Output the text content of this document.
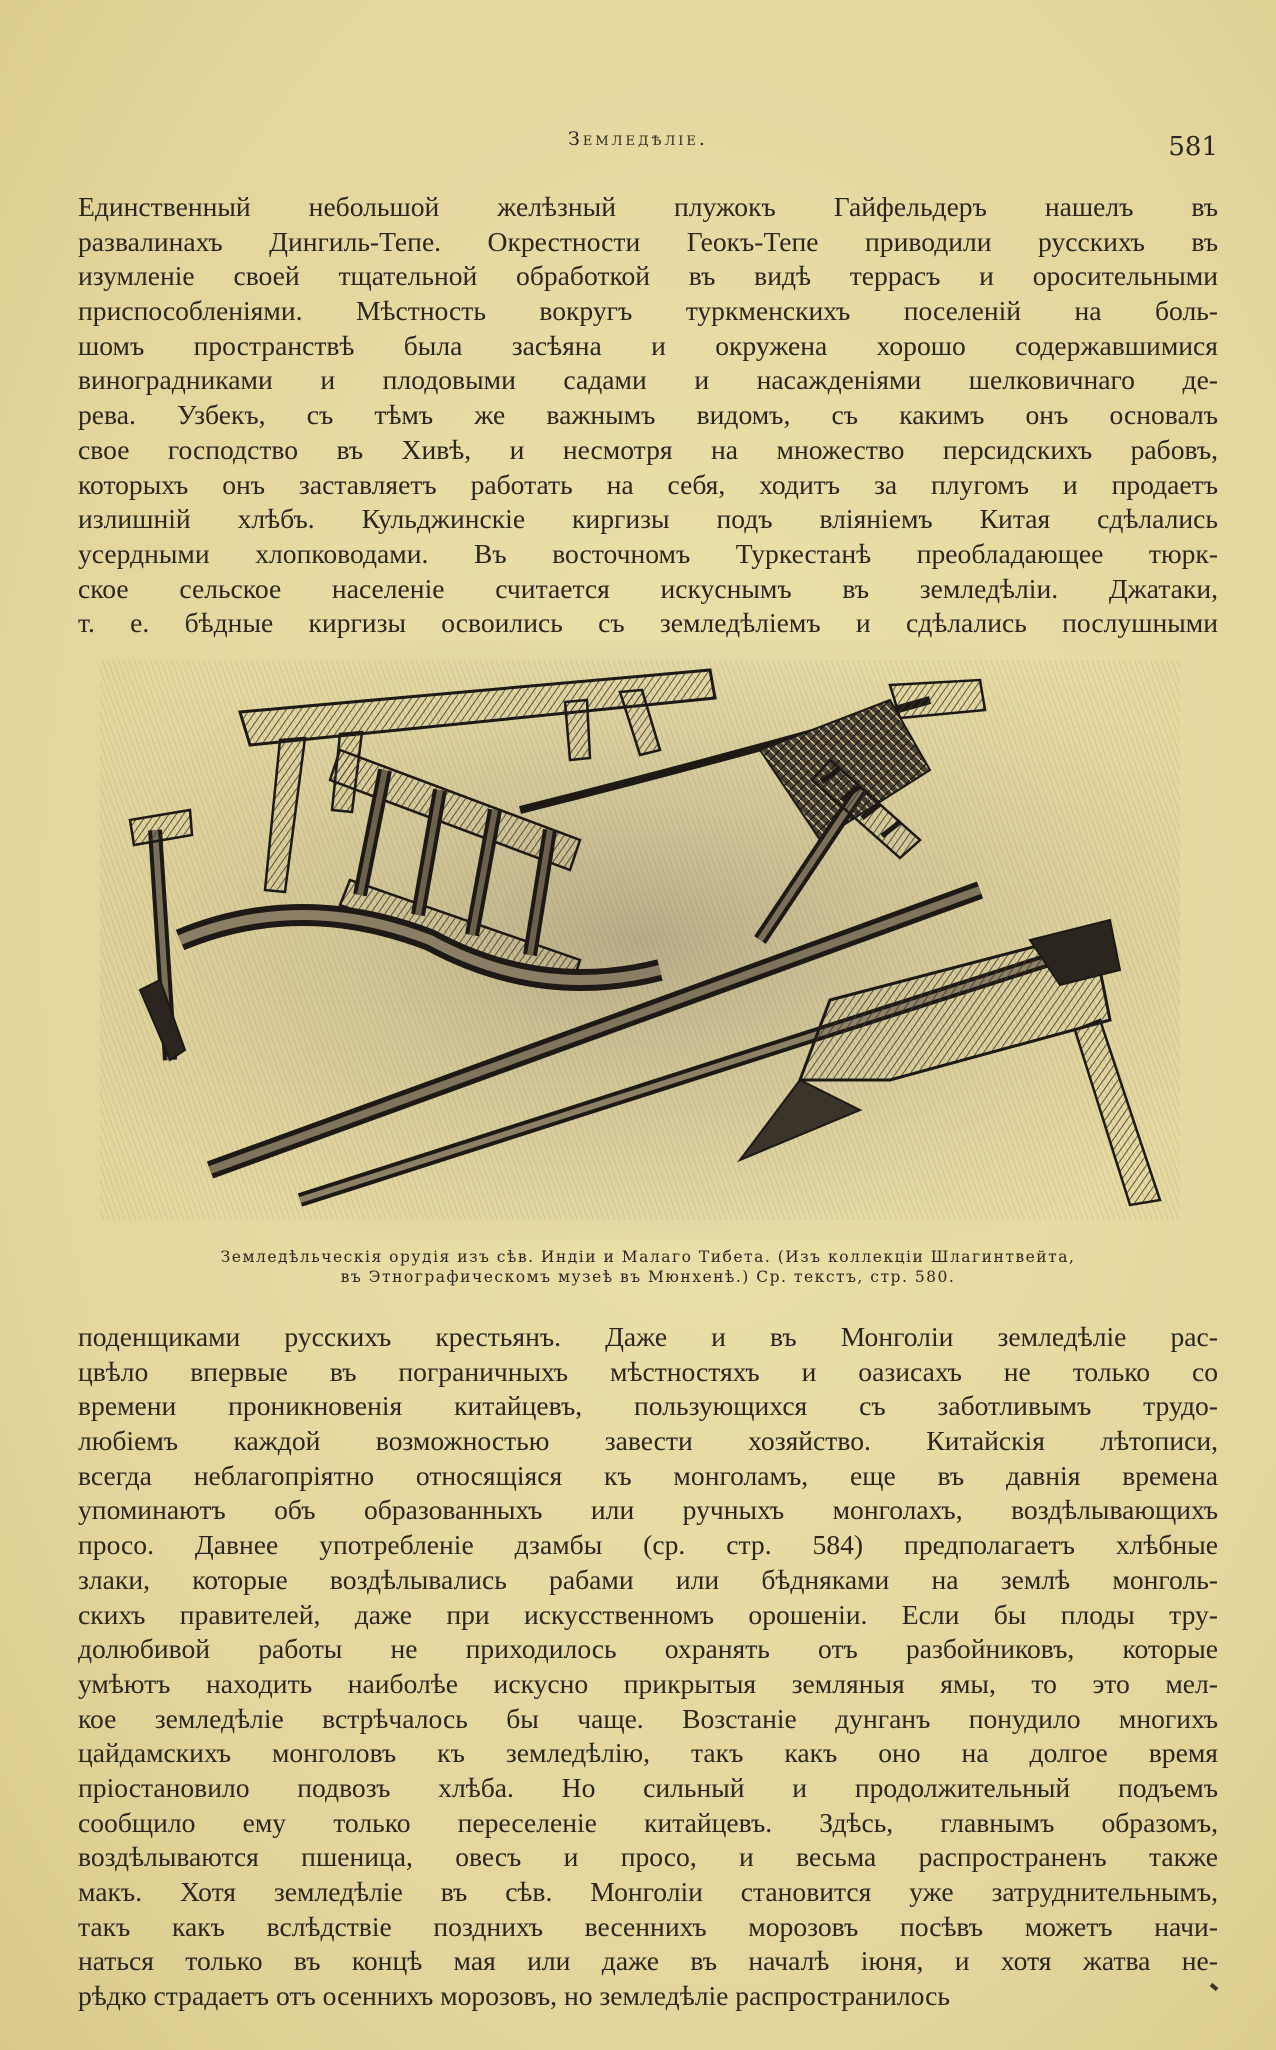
Земледѣліе.	581
Единственный небольшой желѣзный плужокъ Гайфельдеръ нашелъ въ
развалинахъ Дингиль-Тепе. Окрестности Геокъ-Тепе приводили русскихъ въ
изумленіе своей тщательной обработкой въ видѣ террасъ и оросительными
приспособленіями. Мѣстность вокругъ туркменскихъ поселеній на боль-
шомъ пространствѣ была засѣяна и окружена хорошо содержавшимися
виноградниками и плодовыми садами и насажденіями шелковичнаго де-
рева. Узбекъ, съ тѣмъ же важнымъ видомъ, съ какимъ онъ основалъ
свое господство въ Хивѣ, и несмотря на множество персидскихъ рабовъ,
которыхъ онъ заставляетъ работать на себя, ходитъ за плугомъ и продаетъ
излишній хлѣбъ. Кульджинскіе киргизы подъ вліяніемъ Китая сдѣлались
усердными хлопководами. Въ восточномъ Туркестанѣ преобладающее тюрк-
ское сельское населеніе считается искуснымъ въ земледѣліи. Джатаки,
т. е. бѣдные киргизы освоились съ земледѣліемъ и сдѣлались послушными
Земледѣльческія орудія изъ сѣв. Индіи и Малаго Тибета. (Изъ коллекціи Шлагинтвейта,
въ Этнографическомъ музеѣ въ Мюнхенѣ.) Ср. текстъ, стр. 580.
поденщиками русскихъ крестьянъ. Даже и въ Монголіи земледѣліе рас-
цвѣло впервые въ пограничныхъ мѣстностяхъ и оазисахъ не только со
времени проникновенія китайцевъ, пользующихся съ заботливымъ трудо-
любіемъ каждой возможностью завести хозяйство. Китайскія лѣтописи,
всегда неблагопріятно относящіяся къ монголамъ, еще въ давнія времена
упоминаютъ объ образованныхъ или ручныхъ монголахъ, воздѣлывающихъ
просо. Давнее употребленіе дзамбы (ср. стр. 584) предполагаетъ хлѣбные
злаки, которые воздѣлывались рабами или бѣдняками на землѣ монголь-
скихъ правителей, даже при искусственномъ орошеніи. Если бы плоды тру-
долюбивой работы не приходилось охранять отъ разбойниковъ, которые
умѣютъ находить наиболѣе искусно прикрытыя земляныя ямы, то это мел-
кое земледѣліе встрѣчалось бы чаще. Возстаніе дунганъ понудило многихъ
цайдамскихъ монголовъ къ земледѣлію, такъ какъ оно на долгое время
пріостановило подвозъ хлѣба. Но сильный и продолжительный подъемъ
сообщило ему только переселеніе китайцевъ. Здѣсь, главнымъ образомъ,
воздѣлываются пшеница, овесъ и просо, и весьма распространенъ также
макъ. Хотя земледѣліе въ сѣв. Монголіи становится уже затруднительнымъ,
такъ какъ вслѣдствіе позднихъ весеннихъ морозовъ посѣвъ можетъ начи-
наться только въ концѣ мая или даже въ началѣ іюня, и хотя жатва не-
рѣдко страдаетъ отъ осеннихъ морозовъ, но земледѣліе распространилось
